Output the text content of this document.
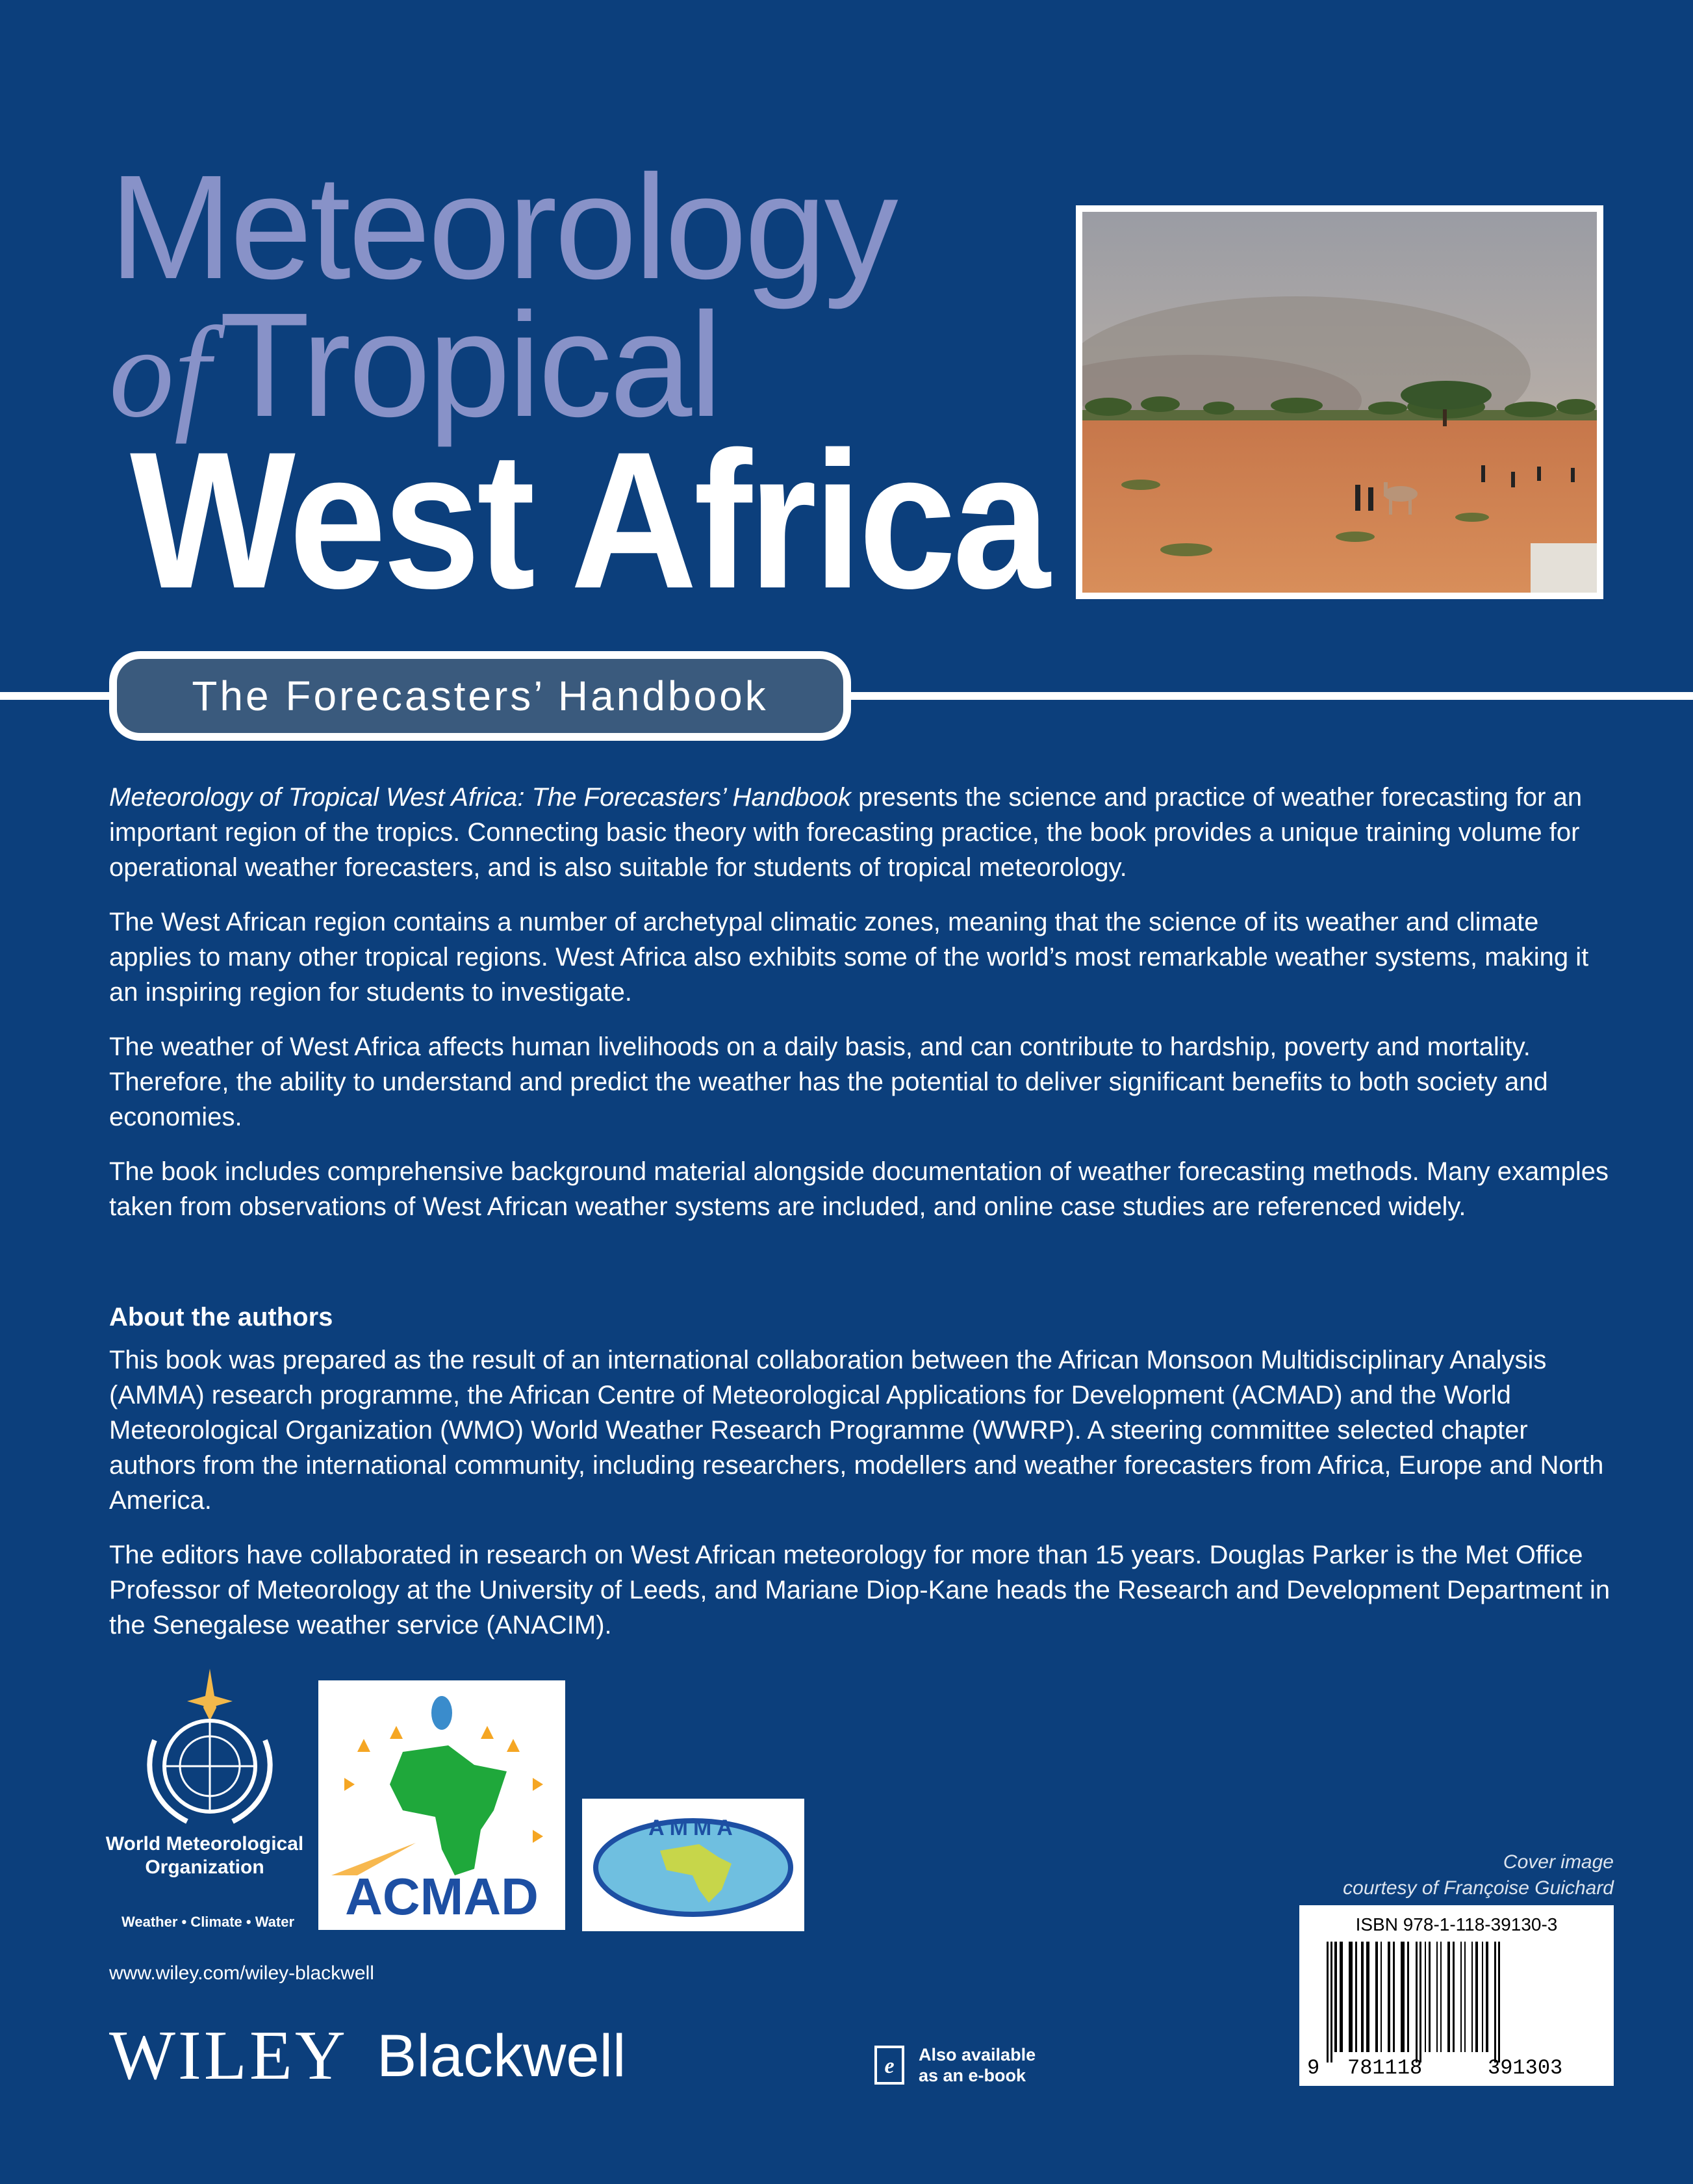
Meteorology
ofTropical
West Africa
The Forecasters’ Handbook

Meteorology of Tropical West Africa: The Forecasters’ Handbook presents the science and practice of weather forecasting for an important region of the tropics. Connecting basic theory with forecasting practice, the book provides a unique training volume for operational weather forecasters, and is also suitable for students of tropical meteorology.

The West African region contains a number of archetypal climatic zones, meaning that the science of its weather and climate applies to many other tropical regions. West Africa also exhibits some of the world’s most remarkable weather systems, making it an inspiring region for students to investigate.
The weather of West Africa affects human livelihoods on a daily basis, and can contribute to hardship, poverty and mortality. Therefore, the ability to understand and predict the weather has the potential to deliver significant benefits to both society and economies.
The book includes comprehensive background material alongside documentation of weather forecasting methods. Many examples taken from observations of West African weather systems are included, and online case studies are referenced widely.
About the authors
This book was prepared as the result of an international collaboration between the African Monsoon Multidisciplinary Analysis (AMMA) research programme, the African Centre of Meteorological Applications for Development (ACMAD) and the World Meteorological Organization (WMO) World Weather Research Programme (WWRP). A steering committee selected chapter authors from the international community, including researchers, modellers and weather forecasters from Africa, Europe and North America.
The editors have collaborated in research on West African meteorology for more than 15 years. Douglas Parker is the Met Office Professor of Meteorology at the University of Leeds, and Mariane Diop-Kane heads the Research and Development Department in the Senegalese weather service (ANACIM).
World Meteorological Organization
Weather • Climate • Water ACMAD
AMMA
www.wiley.com/wiley-blackwell
WILEY Blackwell	e Also available
as an e-book
Cover image
courtesy of Françoise Guichard
ISBN 978-1-118-39130-3
9 781118	391303
